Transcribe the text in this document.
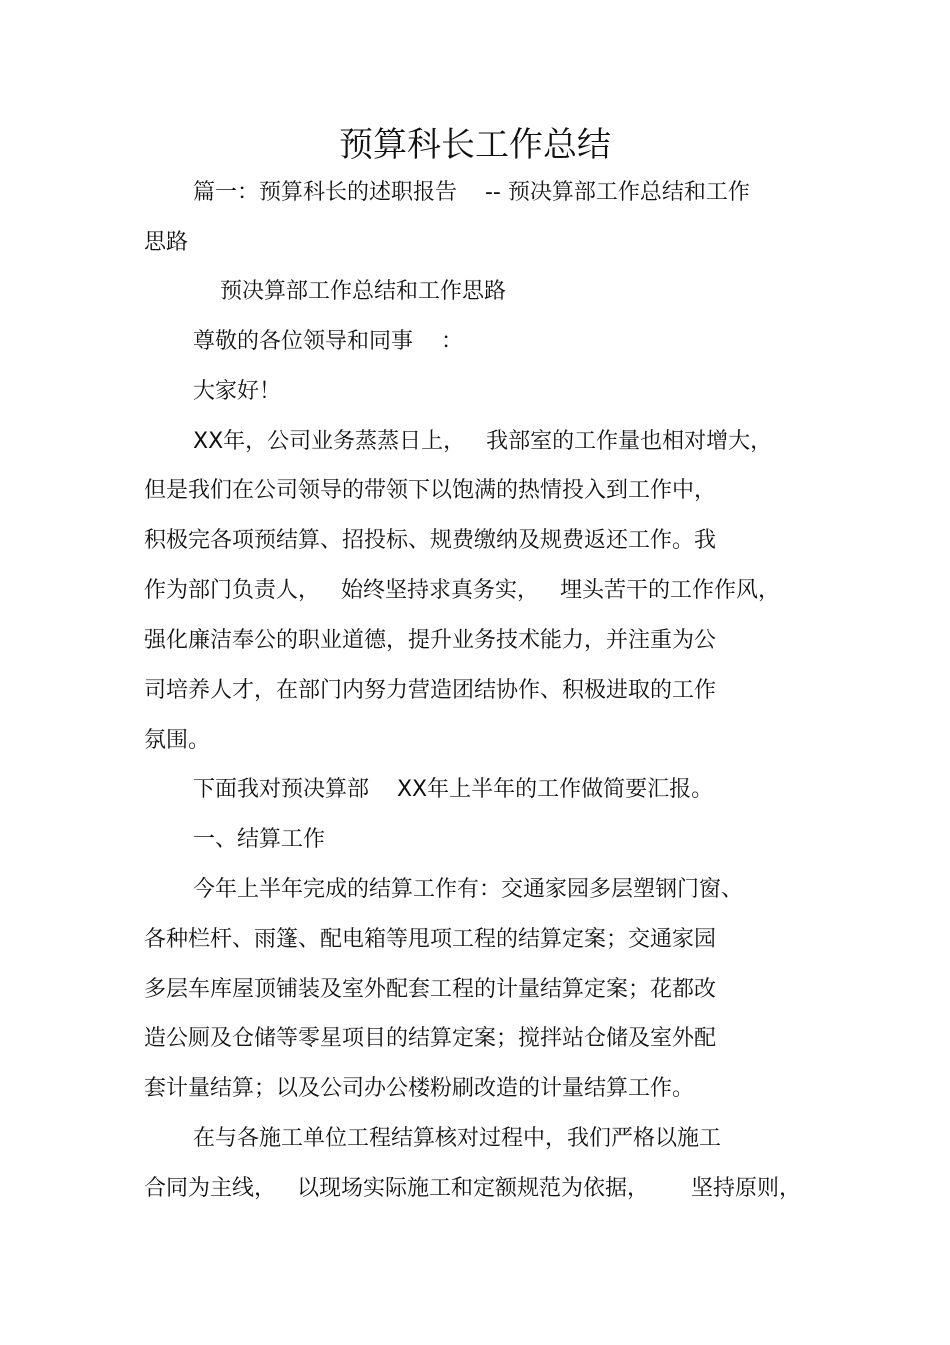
预算科长工作总结
篇一：预算科长的述职报告    -- 预决算部工作总结和工作
思路
预决算部工作总结和工作思路
尊敬的各位领导和同事    ：
大家好！
XX年，公司业务蒸蒸日上，   我部室的工作量也相对增大，
但是我们在公司领导的带领下以饱满的热情投入到工作中，
积极完各项预结算、招投标、规费缴纳及规费返还工作。我
作为部门负责人，   始终坚持求真务实，   埋头苦干的工作作风，
强化廉洁奉公的职业道德，提升业务技术能力，并注重为公
司培养人才，在部门内努力营造团结协作、积极进取的工作
氛围。
下面我对预决算部    XX年上半年的工作做简要汇报。
一、结算工作
今年上半年完成的结算工作有：交通家园多层塑钢门窗、
各种栏杆、雨篷、配电箱等甩项工程的结算定案；交通家园
多层车库屋顶铺装及室外配套工程的计量结算定案；花都改
造公厕及仓储等零星项目的结算定案；搅拌站仓储及室外配
套计量结算；以及公司办公楼粉刷改造的计量结算工作。
在与各施工单位工程结算核对过程中，我们严格以施工
合同为主线，   以现场实际施工和定额规范为依据，      坚持原则，
